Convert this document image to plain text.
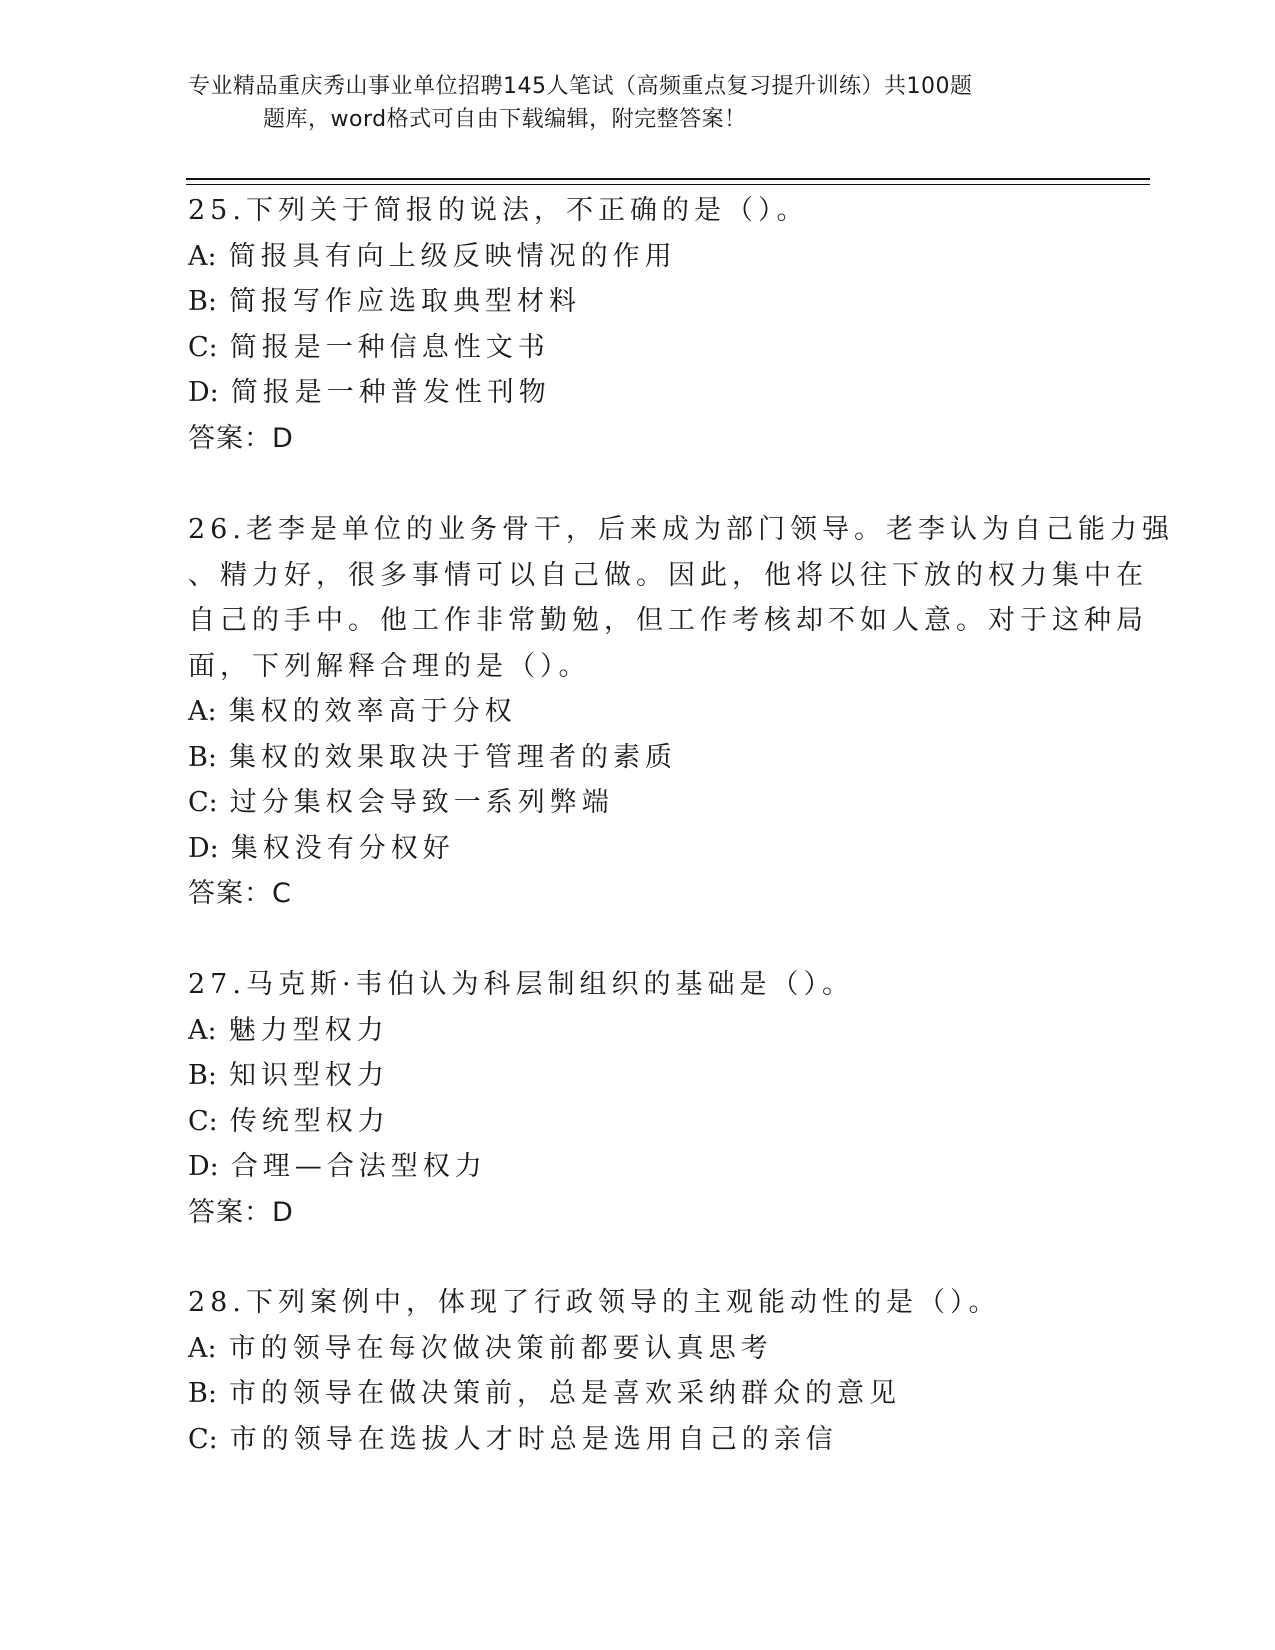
专业精品重庆秀山事业单位招聘145人笔试（高频重点复习提升训练）共100题
题库，word格式可自由下载编辑，附完整答案！
25.下列关于简报的说法，不正确的是（）。
A: 简报具有向上级反映情况的作用
B: 简报写作应选取典型材料
C: 简报是一种信息性文书
D: 简报是一种普发性刊物
答案：D
26.老李是单位的业务骨干，后来成为部门领导。老李认为自己能力强
、精力好，很多事情可以自己做。因此，他将以往下放的权力集中在
自己的手中。他工作非常勤勉，但工作考核却不如人意。对于这种局
面，下列解释合理的是（）。
A: 集权的效率高于分权
B: 集权的效果取决于管理者的素质
C: 过分集权会导致一系列弊端
D: 集权没有分权好
答案：C
27.马克斯·韦伯认为科层制组织的基础是（）。
A: 魅力型权力
B: 知识型权力
C: 传统型权力
D: 合理—合法型权力
答案：D
28.下列案例中，体现了行政领导的主观能动性的是（）。
A: 市的领导在每次做决策前都要认真思考
B: 市的领导在做决策前，总是喜欢采纳群众的意见
C: 市的领导在选拔人才时总是选用自己的亲信
